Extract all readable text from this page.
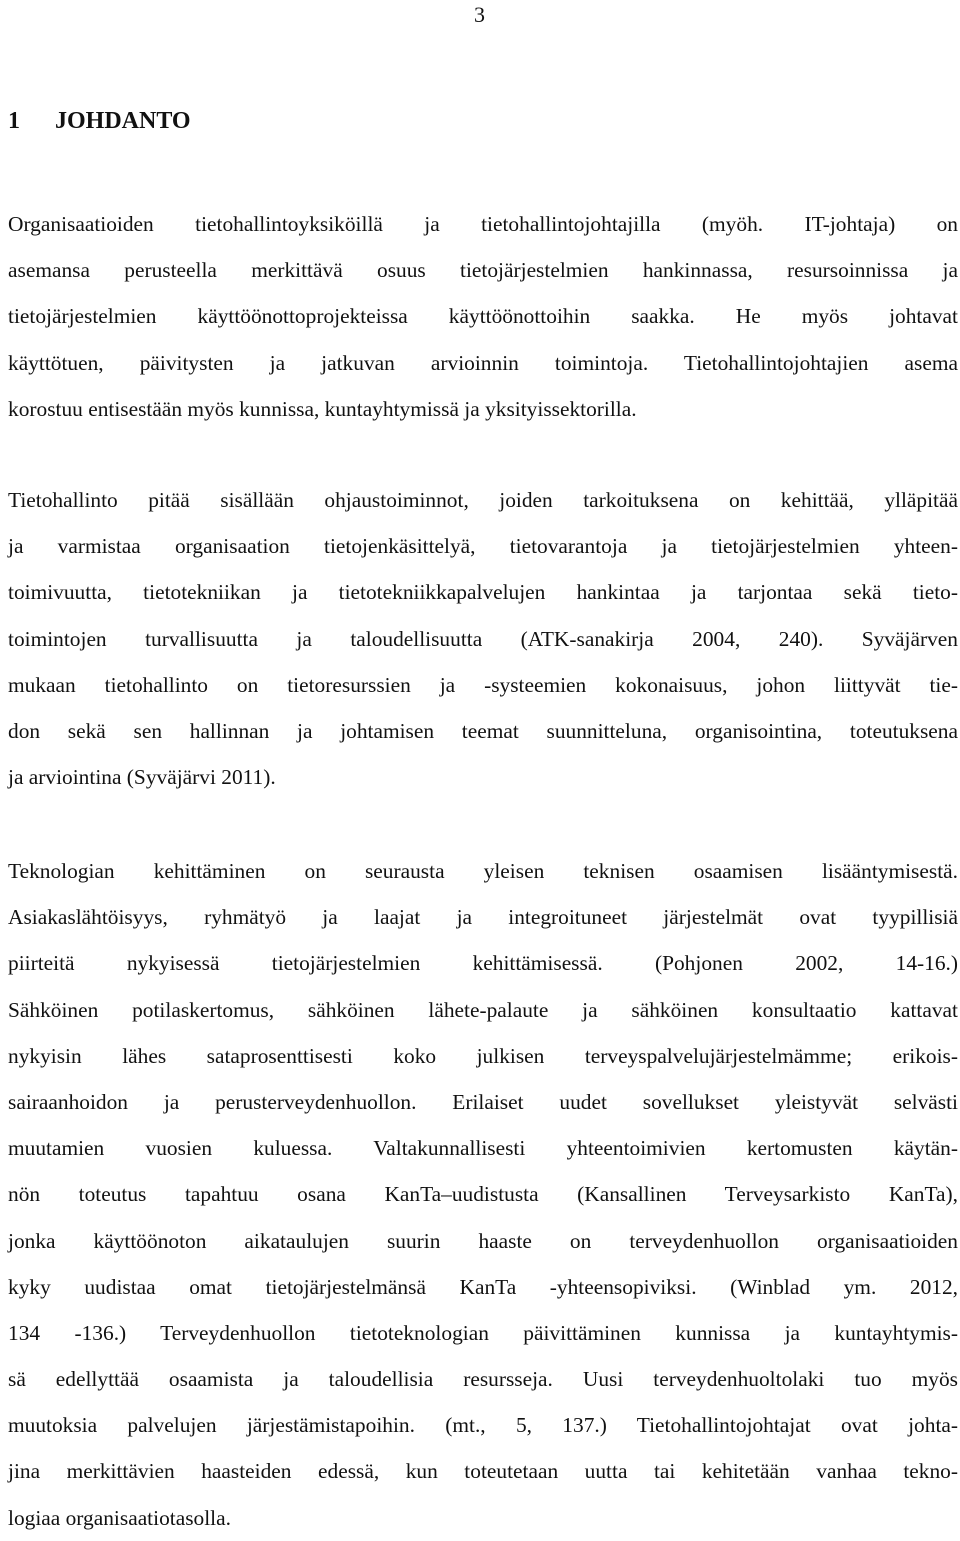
3
1 JOHDANTO
Organisaatioiden tietohallintoyksiköillä ja tietohallintojohtajilla (myöh. IT-johtaja) on
asemansa perusteella merkittävä osuus tietojärjestelmien hankinnassa, resursoinnissa ja
tietojärjestelmien käyttöönottoprojekteissa käyttöönottoihin saakka. He myös johtavat
käyttötuen, päivitysten ja jatkuvan arvioinnin toimintoja. Tietohallintojohtajien asema
korostuu entisestään myös kunnissa, kuntayhtymissä ja yksityissektorilla.
Tietohallinto pitää sisällään ohjaustoiminnot, joiden tarkoituksena on kehittää, ylläpitää
ja varmistaa organisaation tietojenkäsittelyä, tietovarantoja ja tietojärjestelmien yhteen-
toimivuutta, tietotekniikan ja tietotekniikkapalvelujen hankintaa ja tarjontaa sekä tieto-
toimintojen turvallisuutta ja taloudellisuutta (ATK-sanakirja 2004, 240). Syväjärven
mukaan tietohallinto on tietoresurssien ja -systeemien kokonaisuus, johon liittyvät tie-
don sekä sen hallinnan ja johtamisen teemat suunnitteluna, organisointina, toteutuksena
ja arviointina (Syväjärvi 2011).
Teknologian kehittäminen on seurausta yleisen teknisen osaamisen lisääntymisestä.
Asiakaslähtöisyys, ryhmätyö ja laajat ja integroituneet järjestelmät ovat tyypillisiä
piirteitä nykyisessä tietojärjestelmien kehittämisessä. (Pohjonen 2002, 14-16.)
Sähköinen potilaskertomus, sähköinen lähete-palaute ja sähköinen konsultaatio kattavat
nykyisin lähes sataprosenttisesti koko julkisen terveyspalvelujärjestelmämme; erikois-
sairaanhoidon ja perusterveydenhuollon. Erilaiset uudet sovellukset yleistyvät selvästi
muutamien vuosien kuluessa. Valtakunnallisesti yhteentoimivien kertomusten käytän-
nön toteutus tapahtuu osana KanTa–uudistusta (Kansallinen Terveysarkisto KanTa),
jonka käyttöönoton aikataulujen suurin haaste on terveydenhuollon organisaatioiden
kyky uudistaa omat tietojärjestelmänsä KanTa -yhteensopiviksi. (Winblad ym. 2012,
134 -136.) Terveydenhuollon tietoteknologian päivittäminen kunnissa ja kuntayhtymis-
sä edellyttää osaamista ja taloudellisia resursseja. Uusi terveydenhuoltolaki tuo myös
muutoksia palvelujen järjestämistapoihin. (mt., 5, 137.) Tietohallintojohtajat ovat johta-
jina merkittävien haasteiden edessä, kun toteutetaan uutta tai kehitetään vanhaa tekno-
logiaa organisaatiotasolla.
